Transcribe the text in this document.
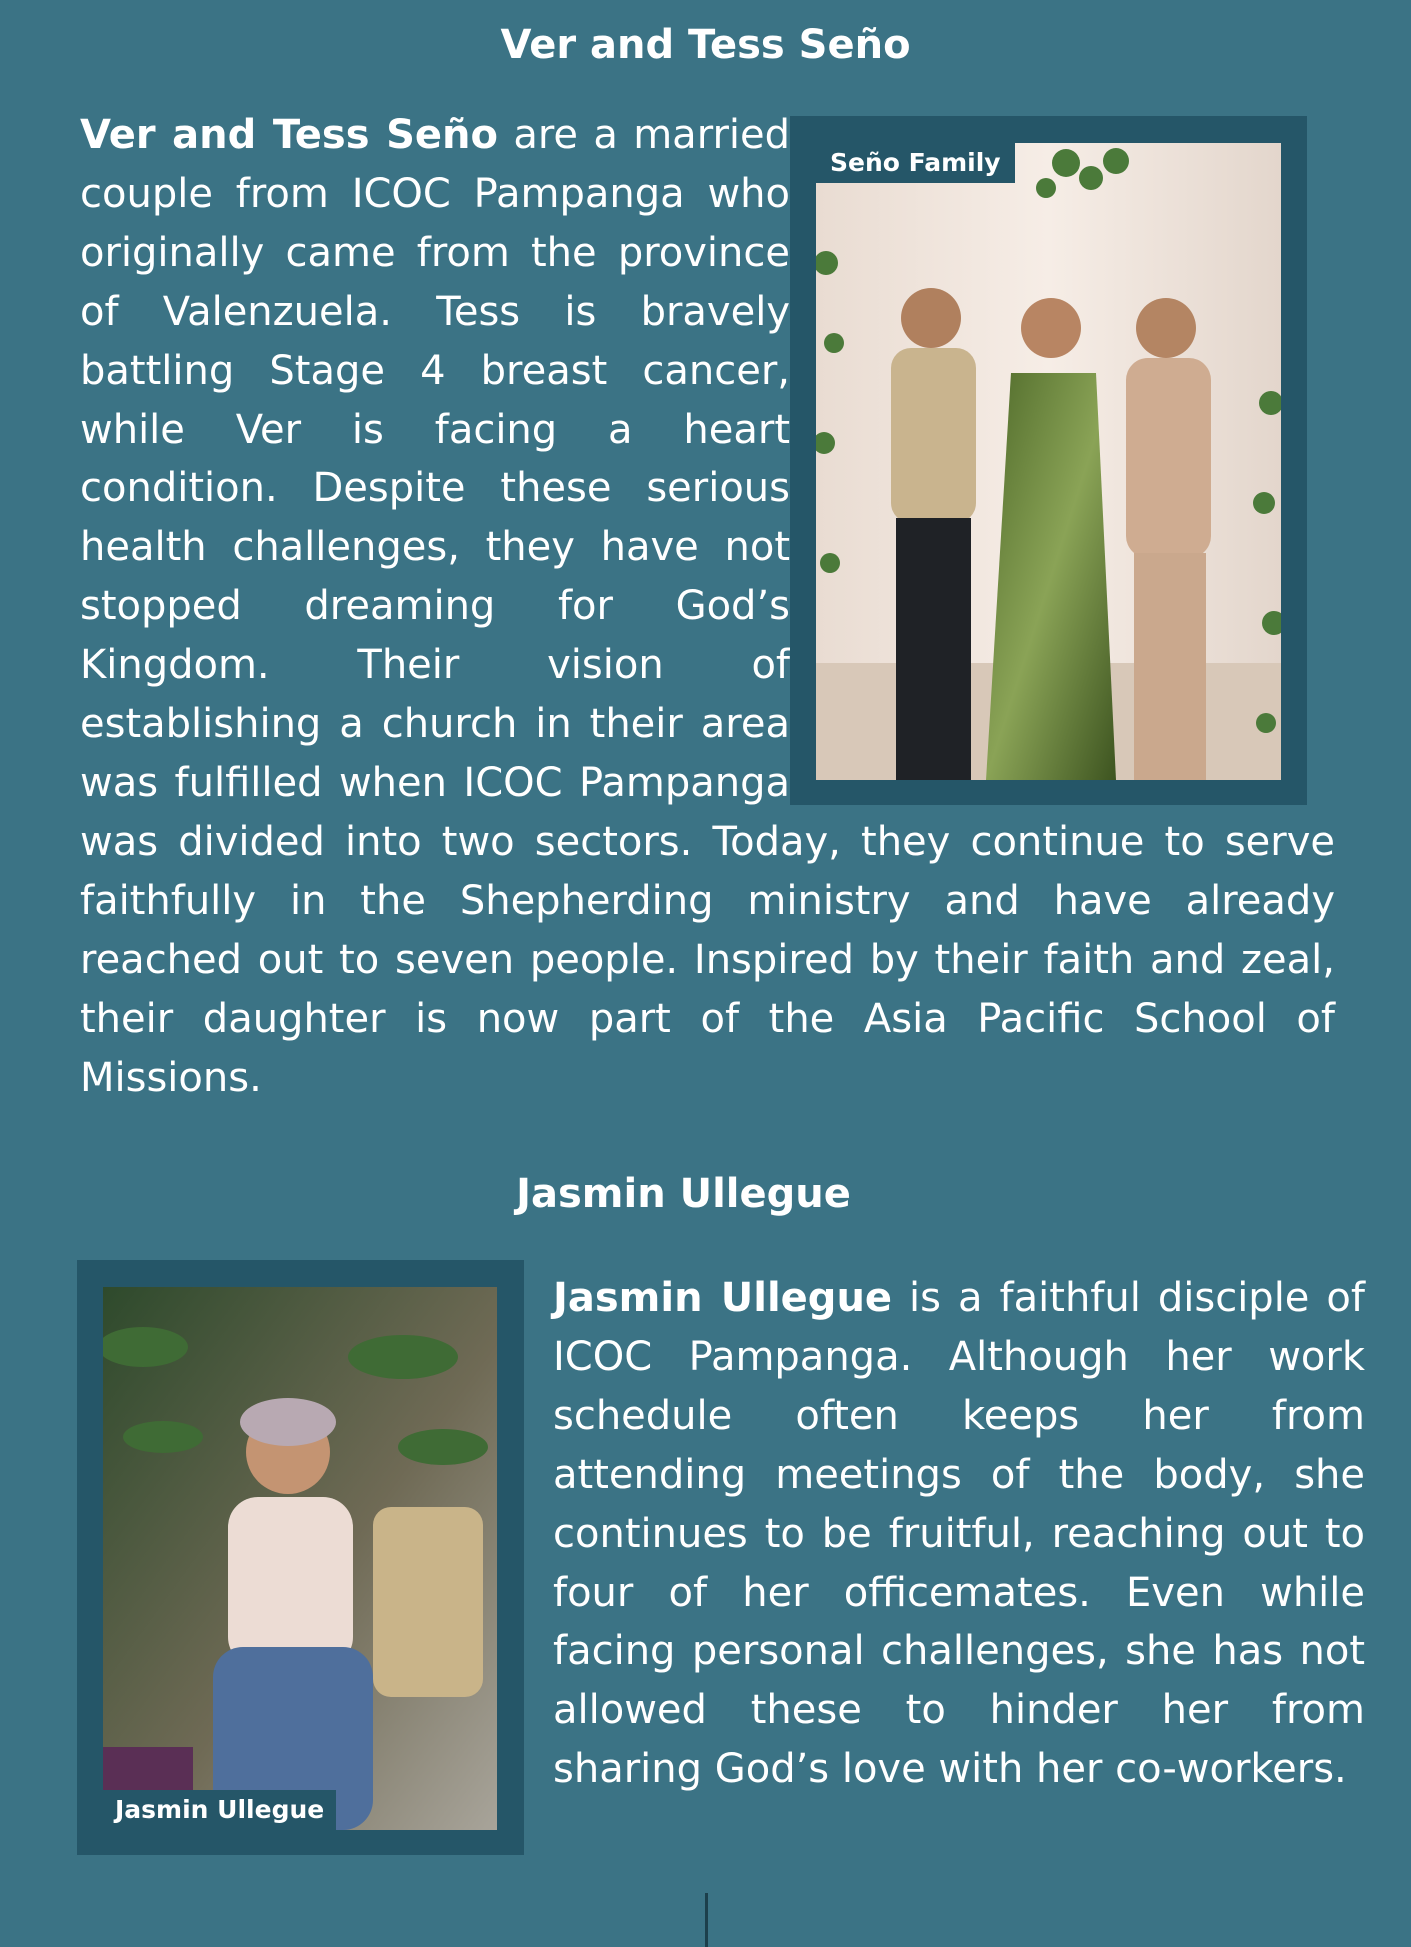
Ver and Tess Seño
Seño Family

Ver and Tess Seño are a married couple from ICOC Pampanga who originally came from the province of Valenzuela. Tess is bravely battling Stage 4 breast cancer, while Ver is facing a heart condition. Despite these serious health challenges, they have not stopped dreaming for God’s Kingdom. Their vision of establishing a church in their area was fulfilled when ICOC Pampanga was divided into two sectors. Today, they continue to serve faithfully in the Shepherding ministry and have already reached out to seven people. Inspired by their faith and zeal, their daughter is now part of the Asia Pacific School of Missions.

Jasmin Ullegue
Jasmin Ullegue

Jasmin Ullegue is a faithful disciple of ICOC Pampanga. Although her work schedule often keeps her from attending meetings of the body, she continues to be fruitful, reaching out to four of her officemates. Even while facing personal challenges, she has not allowed these to hinder her from sharing God’s love with her co-workers.
